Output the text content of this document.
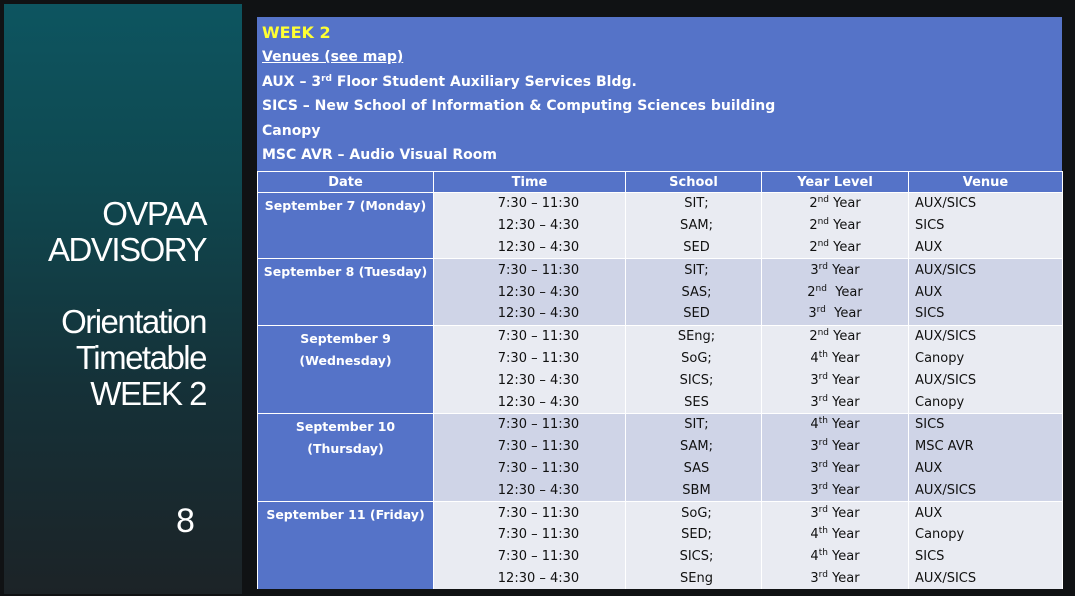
OVPAA
ADVISORY
Orientation
Timetable
WEEK 2
8
WEEK 2
Venues (see map)
AUX – 3rd Floor Student Auxiliary Services Bldg.
SICS – New School of Information & Computing Sciences building
Canopy
MSC AVR – Audio Visual Room
Date	Time	School	Year Level	Venue
September 7 (Monday)	7:30 – 11:30	SIT;	2nd Year	AUX/SICS
	12:30 – 4:30	SAM;	2nd Year	SICS
	12:30 – 4:30	SED	2nd Year	AUX
September 8 (Tuesday)	7:30 – 11:30	SIT;	3rd Year	AUX/SICS
	12:30 – 4:30	SAS;	2nd  Year	AUX
	12:30 – 4:30	SED	3rd  Year	SICS
September 9 (Wednesday)	7:30 – 11:30	SEng;	2nd Year	AUX/SICS
	7:30 – 11:30	SoG;	4th Year	Canopy
	12:30 – 4:30	SICS;	3rd Year	AUX/SICS
	12:30 – 4:30	SES	3rd Year	Canopy
September 10 (Thursday)	7:30 – 11:30	SIT;	4th Year	SICS
	7:30 – 11:30	SAM;	3rd Year	MSC AVR
	7:30 – 11:30	SAS	3rd Year	AUX
	12:30 – 4:30	SBM	3rd Year	AUX/SICS
September 11 (Friday)	7:30 – 11:30	SoG;	3rd Year	AUX
	7:30 – 11:30	SED;	4th Year	Canopy
	7:30 – 11:30	SICS;	4th Year	SICS
	12:30 – 4:30	SEng	3rd Year	AUX/SICS
